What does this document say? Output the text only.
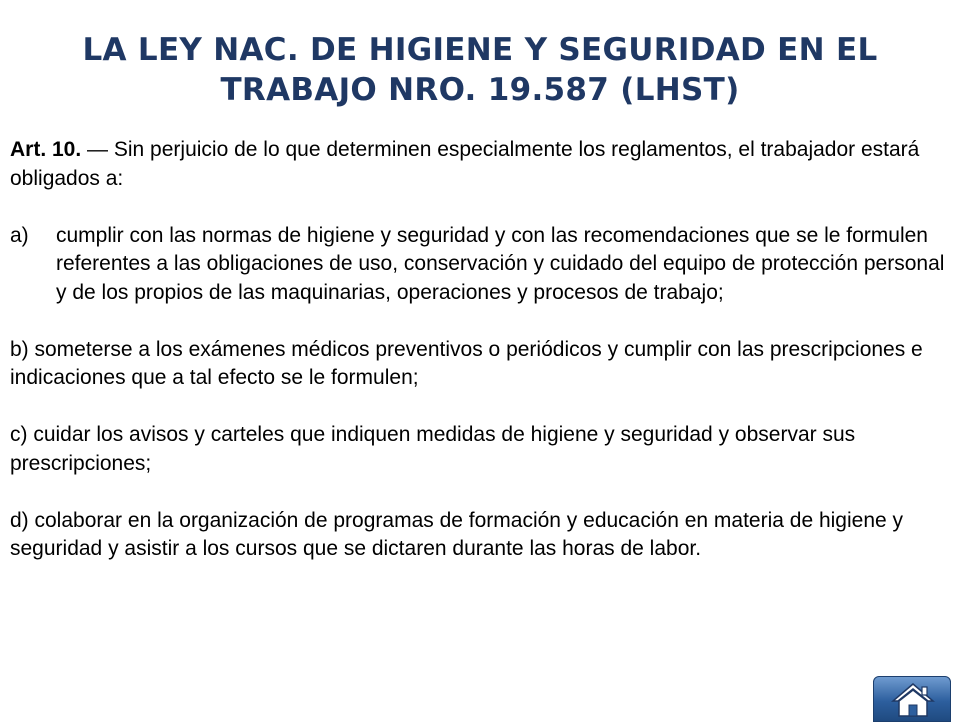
LA LEY NAC. DE HIGIENE Y SEGURIDAD EN EL
TRABAJO NRO. 19.587 (LHST)

Art. 10. — Sin perjuicio de lo que determinen especialmente los reglamentos, el trabajador estará obligados a:

a)	cumplir con las normas de higiene y seguridad y con las recomendaciones que se le formulen referentes a las obligaciones de uso, conservación y cuidado del equipo de protección personal y de los propios de las maquinarias, operaciones y procesos de trabajo;

b) someterse a los exámenes médicos preventivos o periódicos y cumplir con las prescripciones e indicaciones que a tal efecto se le formulen;

c) cuidar los avisos y carteles que indiquen medidas de higiene y seguridad y observar sus prescripciones;

d) colaborar en la organización de programas de formación y educación en materia de higiene y seguridad y asistir a los cursos que se dictaren durante las horas de labor.
